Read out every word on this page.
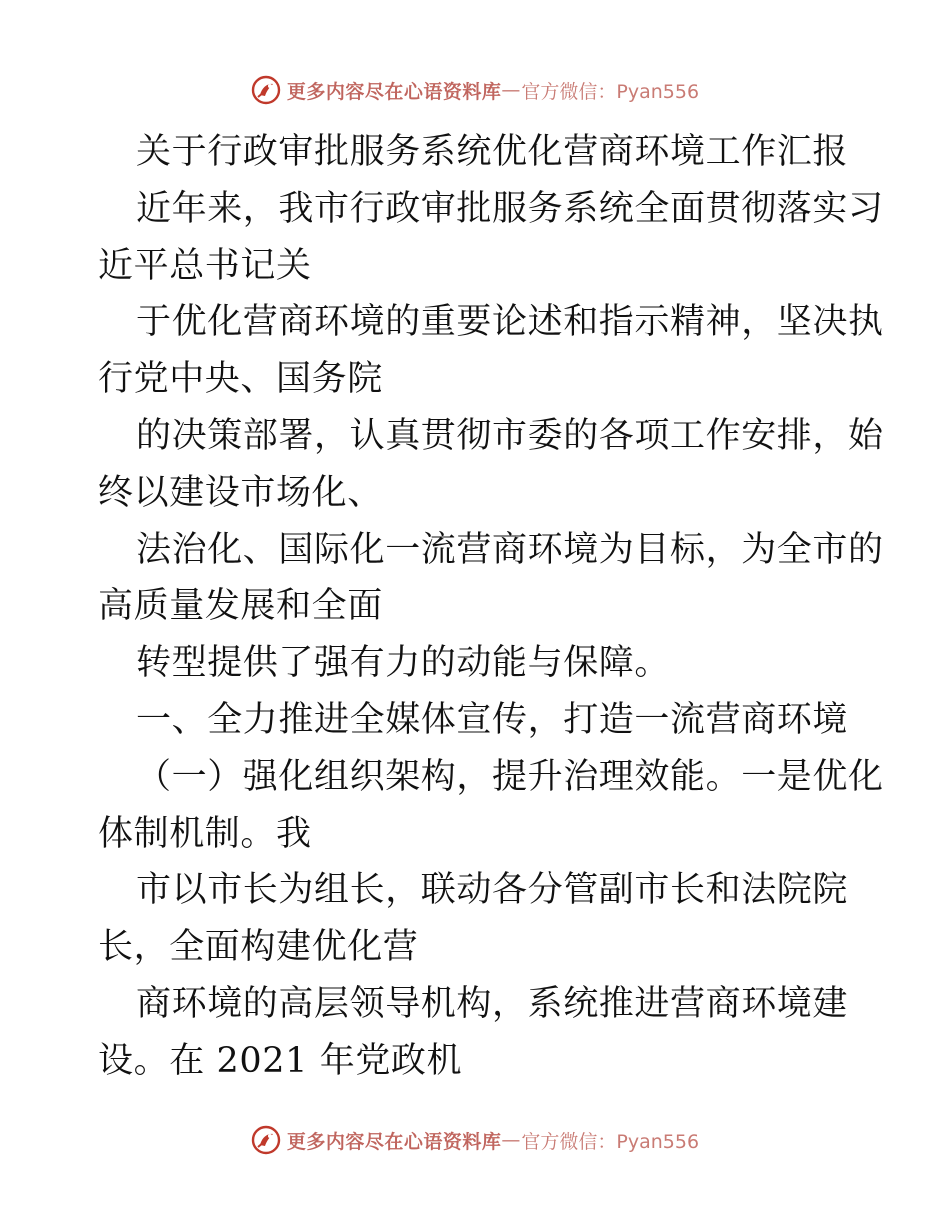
更多内容尽在心语资料库 — 官方微信：Pyan556
关于行政审批服务系统优化营商环境工作汇报
近年来，我市行政审批服务系统全面贯彻落实习
近平总书记关
于优化营商环境的重要论述和指示精神，坚决执
行党中央、国务院
的决策部署，认真贯彻市委的各项工作安排，始
终以建设市场化、
法治化、国际化一流营商环境为目标，为全市的
高质量发展和全面
转型提供了强有力的动能与保障。
一、全力推进全媒体宣传，打造一流营商环境
（一）强化组织架构，提升治理效能。一是优化
体制机制。我
市以市长为组长，联动各分管副市长和法院院
长，全面构建优化营
商环境的高层领导机构，系统推进营商环境建
设。在 2021 年党政机
更多内容尽在心语资料库 — 官方微信：Pyan556
